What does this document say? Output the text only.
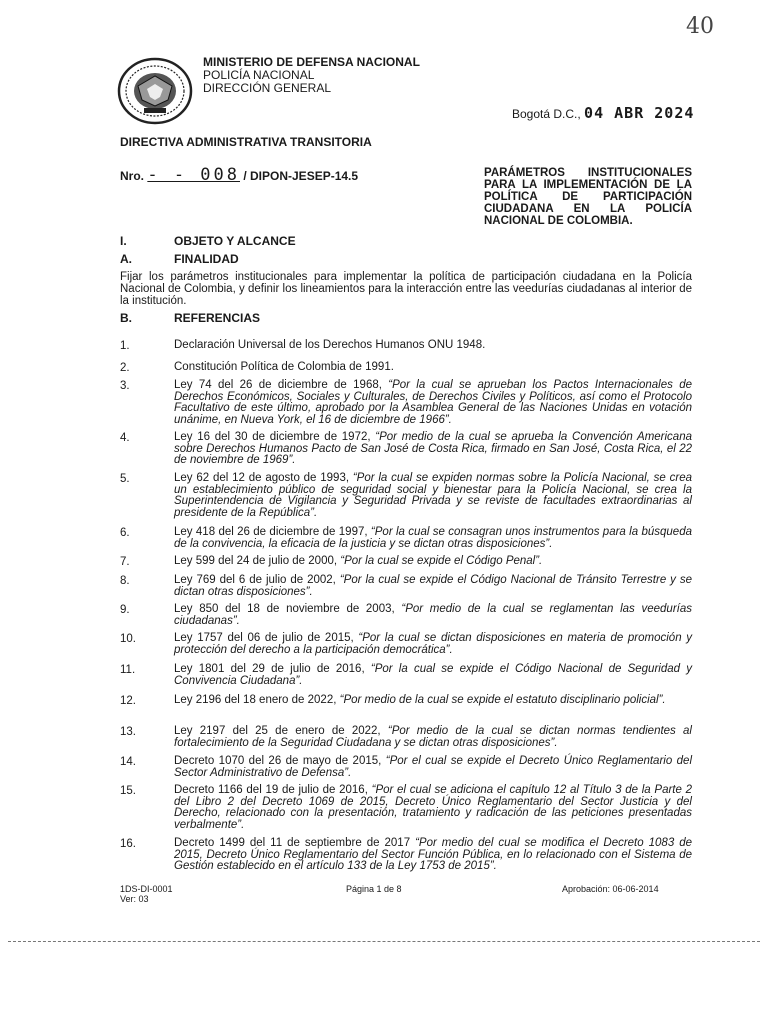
40
MINISTERIO DE DEFENSA NACIONAL
POLICÍA NACIONAL
DIRECCIÓN GENERAL
Bogotá D.C., 04 ABR 2024
DIRECTIVA ADMINISTRATIVA TRANSITORIA
Nro. - - 008 / DIPON-JESEP-14.5	PARÁMETROS INSTITUCIONALES PARA LA IMPLEMENTACIÓN DE LA POLÍTICA DE PARTICIPACIÓN CIUDADANA EN LA POLICÍA NACIONAL DE COLOMBIA.
I.	OBJETO Y ALCANCE
A.	FINALIDAD
Fijar los parámetros institucionales para implementar la política de participación ciudadana en la Policía Nacional de Colombia, y definir los lineamientos para la interacción entre las veedurías ciudadanas al interior de la institución.
B.	REFERENCIAS
1.	Declaración Universal de los Derechos Humanos ONU 1948.
2.	Constitución Política de Colombia de 1991.
3.	Ley 74 del 26 de diciembre de 1968, “Por la cual se aprueban los Pactos Internacionales de Derechos Económicos, Sociales y Culturales, de Derechos Civiles y Políticos, así como el Protocolo Facultativo de este último, aprobado por la Asamblea General de las Naciones Unidas en votación unánime, en Nueva York, el 16 de diciembre de 1966”.
4.	Ley 16 del 30 de diciembre de 1972, “Por medio de la cual se aprueba la Convención Americana sobre Derechos Humanos Pacto de San José de Costa Rica, firmado en San José, Costa Rica, el 22 de noviembre de 1969”.
5.	Ley 62 del 12 de agosto de 1993, “Por la cual se expiden normas sobre la Policía Nacional, se crea un establecimiento público de seguridad social y bienestar para la Policía Nacional, se crea la Superintendencia de Vigilancia y Seguridad Privada y se reviste de facultades extraordinarias al presidente de la República”.
6.	Ley 418 del 26 de diciembre de 1997, “Por la cual se consagran unos instrumentos para la búsqueda de la convivencia, la eficacia de la justicia y se dictan otras disposiciones”.
7.	Ley 599 del 24 de julio de 2000, “Por la cual se expide el Código Penal”.
8.	Ley 769 del 6 de julio de 2002, “Por la cual se expide el Código Nacional de Tránsito Terrestre y se dictan otras disposiciones”.
9.	Ley 850 del 18 de noviembre de 2003, “Por medio de la cual se reglamentan las veedurías ciudadanas”.
10.	Ley 1757 del 06 de julio de 2015, “Por la cual se dictan disposiciones en materia de promoción y protección del derecho a la participación democrática”.
11.	Ley 1801 del 29 de julio de 2016, “Por la cual se expide el Código Nacional de Seguridad y Convivencia Ciudadana”.
12.	Ley 2196 del 18 enero de 2022, “Por medio de la cual se expide el estatuto disciplinario policial”.
13.	Ley 2197 del 25 de enero de 2022, “Por medio de la cual se dictan normas tendientes al fortalecimiento de la Seguridad Ciudadana y se dictan otras disposiciones”.
14.	Decreto 1070 del 26 de mayo de 2015, “Por el cual se expide el Decreto Único Reglamentario del Sector Administrativo de Defensa”.
15.	Decreto 1166 del 19 de julio de 2016, “Por el cual se adiciona el capítulo 12 al Título 3 de la Parte 2 del Libro 2 del Decreto 1069 de 2015, Decreto Único Reglamentario del Sector Justicia y del Derecho, relacionado con la presentación, tratamiento y radicación de las peticiones presentadas verbalmente”.
16.	Decreto 1499 del 11 de septiembre de 2017 “Por medio del cual se modifica el Decreto 1083 de 2015, Decreto Único Reglamentario del Sector Función Pública, en lo relacionado con el Sistema de Gestión establecido en el artículo 133 de la Ley 1753 de 2015”.
1DS-DI-0001
Ver: 03
Página 1 de 8	Aprobación: 06-06-2014
